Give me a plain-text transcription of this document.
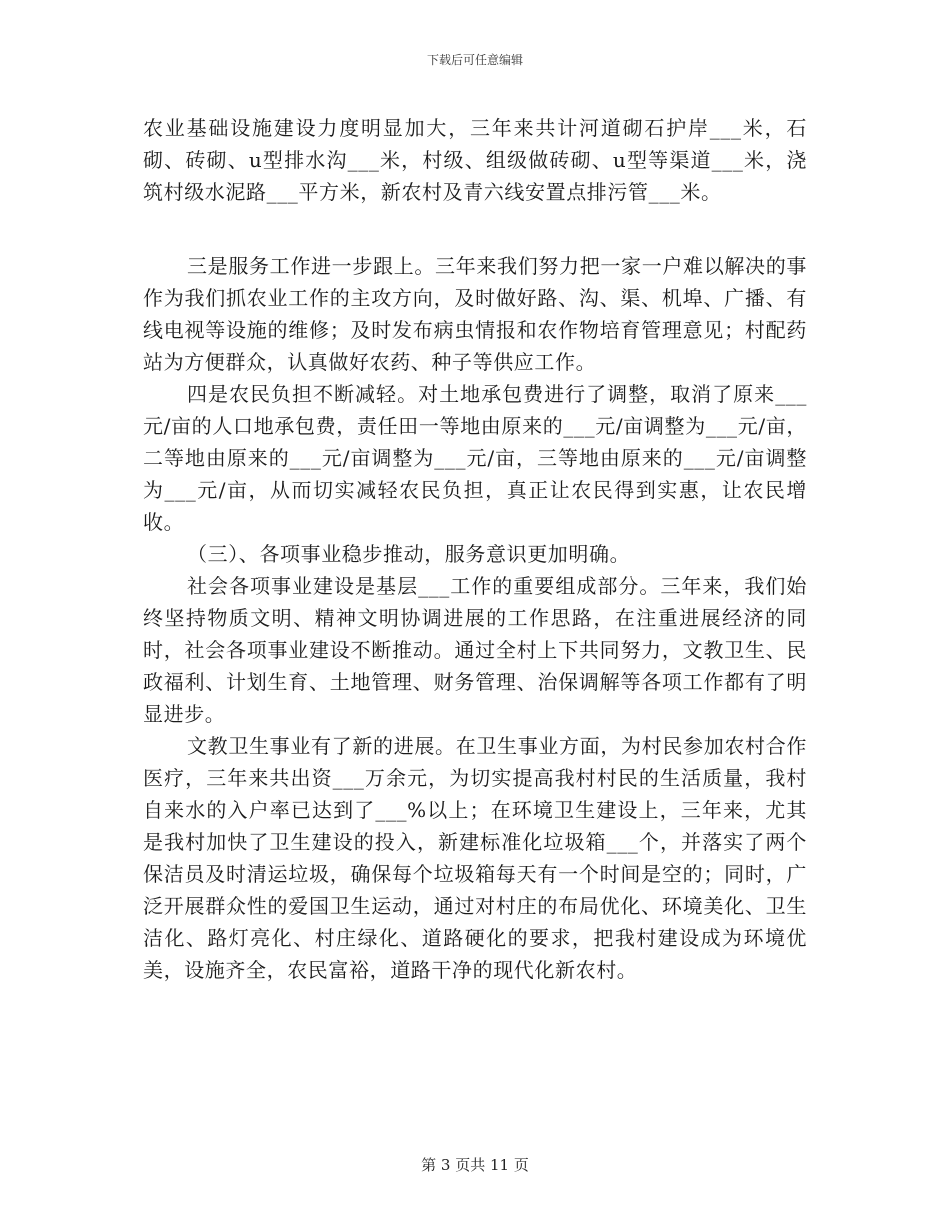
下载后可任意编辑

农业基础设施建设力度明显加大，三年来共计河道砌石护岸___米，石砌、砖砌、u型排水沟___米，村级、组级做砖砌、u型等渠道___米，浇筑村级水泥路___平方米，新农村及青六线安置点排污管___米。

三是服务工作进一步跟上。三年来我们努力把一家一户难以解决的事作为我们抓农业工作的主攻方向，及时做好路、沟、渠、机埠、广播、有线电视等设施的维修；及时发布病虫情报和农作物培育管理意见；村配药站为方便群众，认真做好农药、种子等供应工作。

四是农民负担不断减轻。对土地承包费进行了调整，取消了原来___元/亩的人口地承包费，责任田一等地由原来的___元/亩调整为___元/亩，二等地由原来的___元/亩调整为___元/亩，三等地由原来的___元/亩调整为___元/亩，从而切实减轻农民负担，真正让农民得到实惠，让农民增收。

（三）、各项事业稳步推动，服务意识更加明确。

社会各项事业建设是基层___工作的重要组成部分。三年来，我们始终坚持物质文明、精神文明协调进展的工作思路，在注重进展经济的同时，社会各项事业建设不断推动。通过全村上下共同努力，文教卫生、民政福利、计划生育、土地管理、财务管理、治保调解等各项工作都有了明显进步。

文教卫生事业有了新的进展。在卫生事业方面，为村民参加农村合作医疗，三年来共出资___万余元，为切实提高我村村民的生活质量，我村自来水的入户率已达到了___%以上；在环境卫生建设上，三年来，尤其是我村加快了卫生建设的投入，新建标准化垃圾箱___个，并落实了两个保洁员及时清运垃圾，确保每个垃圾箱每天有一个时间是空的；同时，广泛开展群众性的爱国卫生运动，通过对村庄的布局优化、环境美化、卫生洁化、路灯亮化、村庄绿化、道路硬化的要求，把我村建设成为环境优美，设施齐全，农民富裕，道路干净的现代化新农村。

第 3 页共 11 页
